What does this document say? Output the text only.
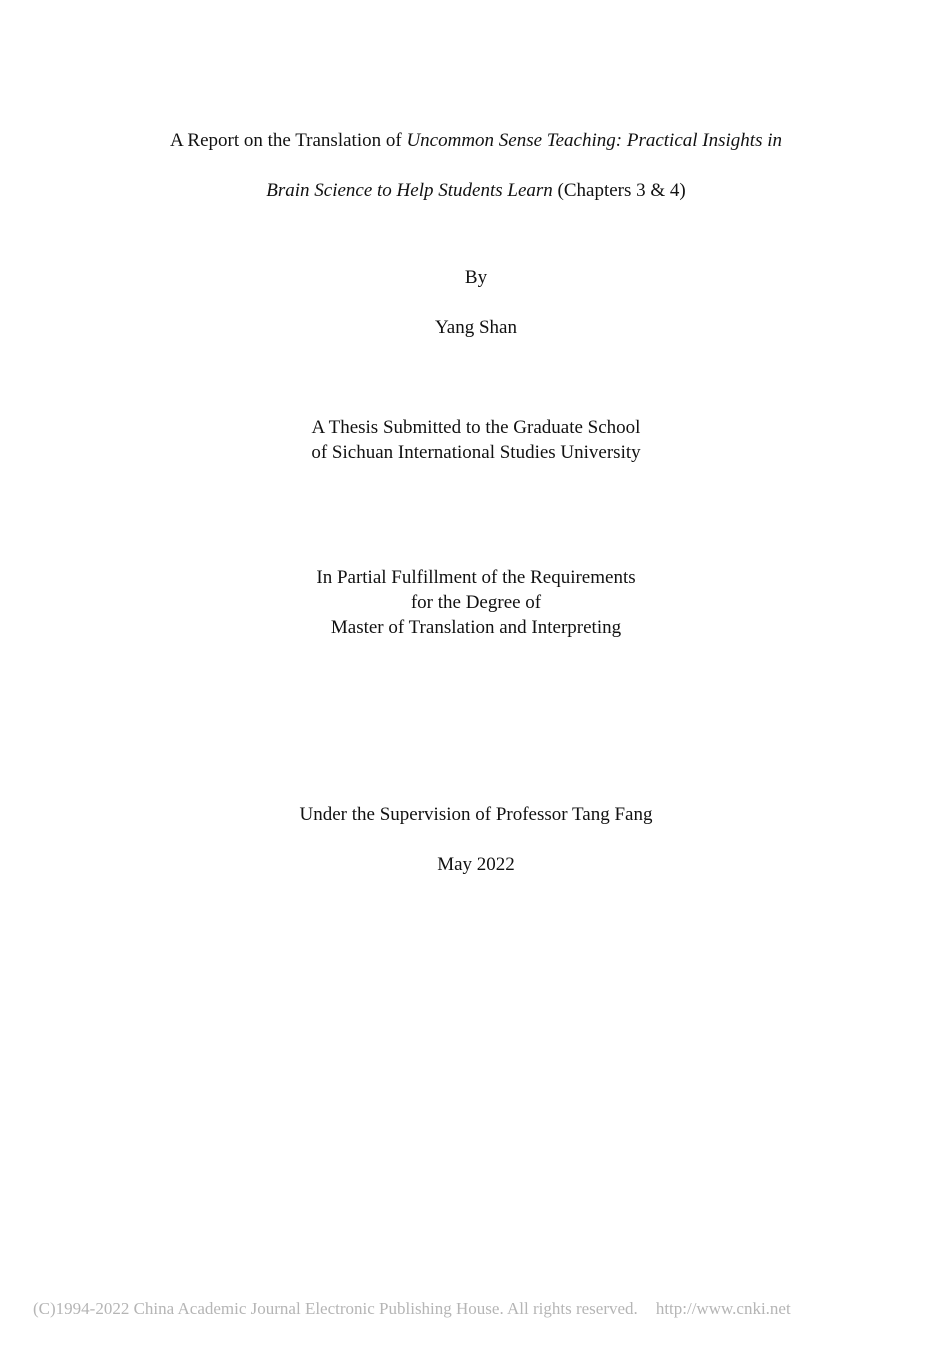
A Report on the Translation of Uncommon Sense Teaching: Practical Insights in
Brain Science to Help Students Learn (Chapters 3 & 4)
By
Yang Shan
A Thesis Submitted to the Graduate School
of Sichuan International Studies University
In Partial Fulfillment of the Requirements
for the Degree of
Master of Translation and Interpreting
Under the Supervision of Professor Tang Fang
May 2022
(C)1994-2022 China Academic Journal Electronic Publishing House. All rights reserved. http://www.cnki.net
